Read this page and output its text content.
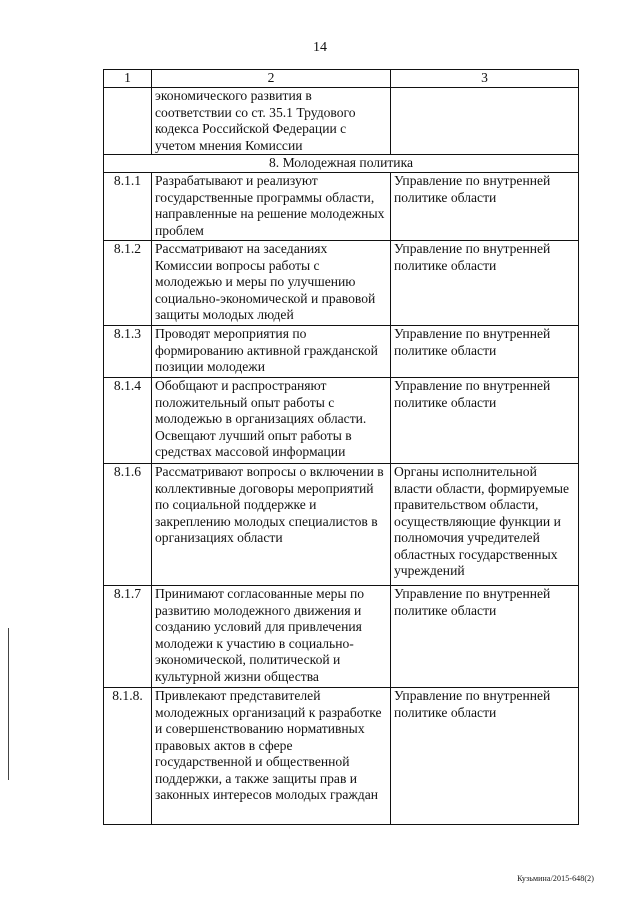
14
1	2	3
	экономического развития в соответствии со ст. 35.1 Трудового кодекса Российской Федерации с учетом мнения Комиссии	
8. Молодежная политика		
8.1.1	Разрабатывают и реализуют государственные программы области, направленные на решение молодежных проблем	Управление по внутренней политике области
8.1.2	Рассматривают на заседаниях Комиссии вопросы работы с молодежью и меры по улучшению социально-экономической и правовой защиты молодых людей	Управление по внутренней политике области
8.1.3	Проводят мероприятия по формированию активной гражданской позиции молодежи	Управление по внутренней политике области
8.1.4	Обобщают и распространяют положительный опыт работы с молодежью в организациях области. Освещают лучший опыт работы в средствах массовой информации	Управление по внутренней политике области
8.1.6	Рассматривают вопросы о включении в коллективные договоры мероприятий по социальной поддержке и закреплению молодых специалистов в организациях области	Органы исполнительной власти области, формируемые правительством области, осуществляющие функции и полномочия учредителей областных государственных учреждений
8.1.7	Принимают согласованные меры по развитию молодежного движения и созданию условий для привлечения молодежи к участию в социально-экономической, политической и культурной жизни общества	Управление по внутренней политике области
8.1.8.	Привлекают представителей молодежных организаций к разработке и совершенствованию нормативных правовых актов в сфере государственной и общественной поддержки, а также защиты прав и законных интересов молодых граждан	Управление по внутренней политике области
Кузьмина/2015-648(2)
